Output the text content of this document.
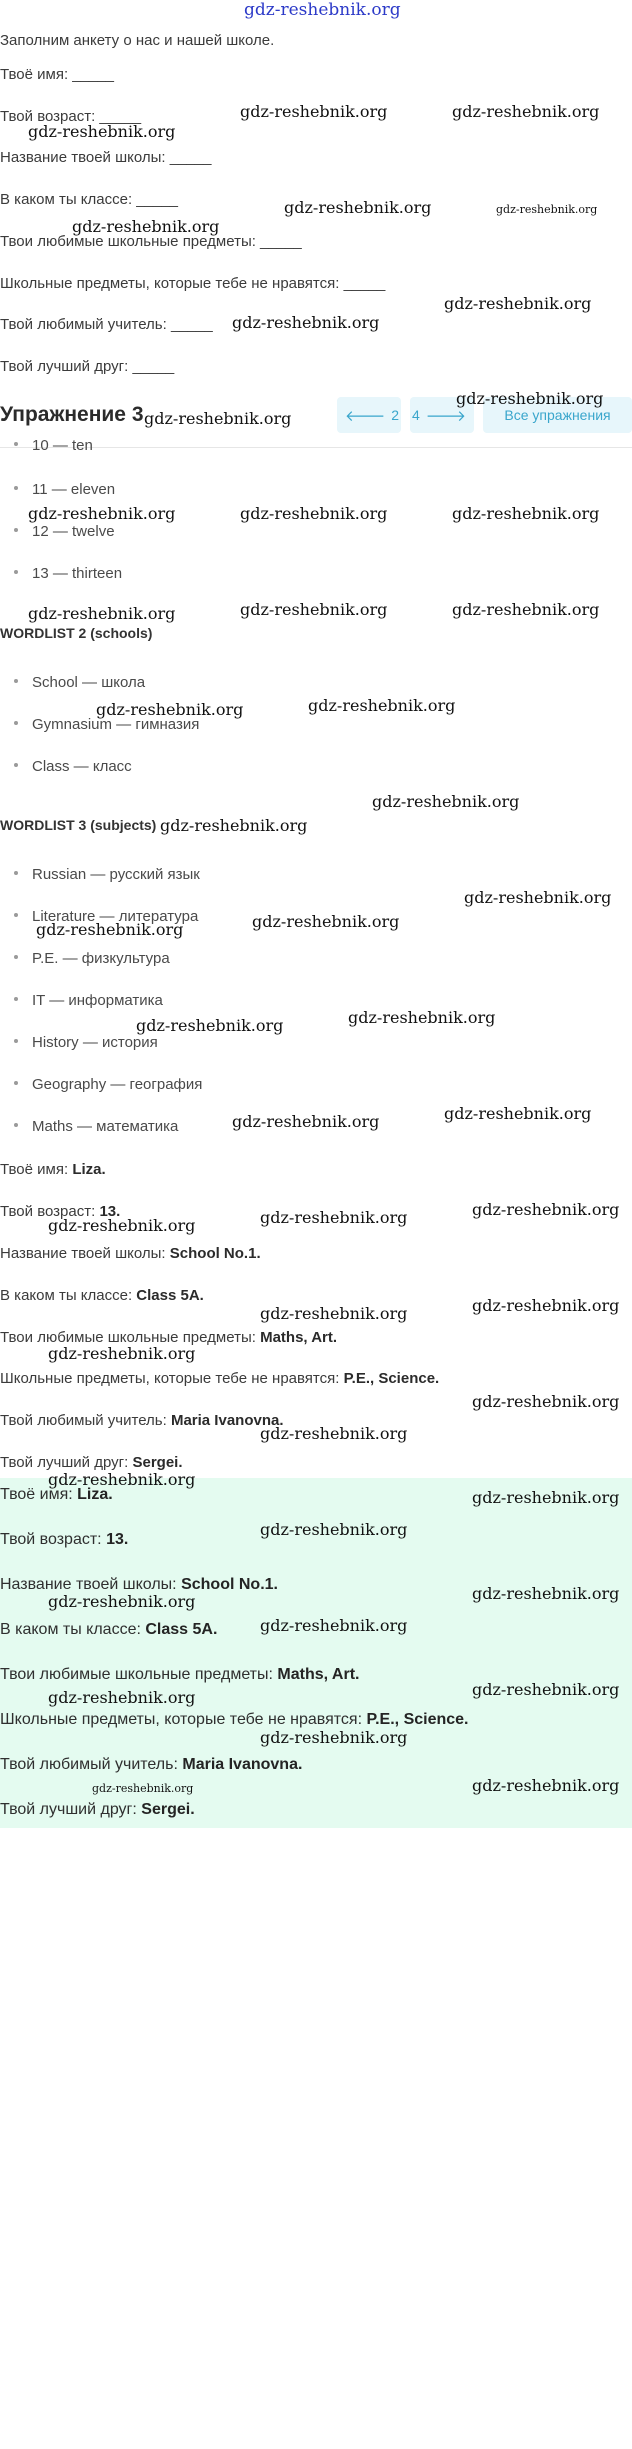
gdz-reshebnik.org
Заполним анкету о нас и нашей школе.
Твоё имя: _____
Твой возраст: _____
Название твоей школы: _____
В каком ты классе: _____
Твои любимые школьные предметы: _____
Школьные предметы, которые тебе не нравятся: _____
Твой любимый учитель: _____
Твой лучший друг: _____
Упражнение 3	🡐 2 4 🡒	Все упражнения
10 — ten
11 — eleven
12 — twelve
13 — thirteen
WORDLIST 2 (schools)
School — школа
Gymnasium — гимназия
Class — класс
WORDLIST 3 (subjects)
Russian — русский язык
Literature — литература
P.E. — физкультура
IT — информатика
History — история
Geography — география
Maths — математика
Твоё имя: Liza.
Твой возраст: 13.
Название твоей школы: School No.1.
В каком ты классе: Class 5A.
Твои любимые школьные предметы: Maths, Art.
Школьные предметы, которые тебе не нравятся: P.E., Science.
Твой любимый учитель: Maria Ivanovna.
Твой лучший друг: Sergei.
Твоё имя: Liza.
Твой возраст: 13.
Название твоей школы: School No.1.
В каком ты классе: Class 5A.
Твои любимые школьные предметы: Maths, Art.
Школьные предметы, которые тебе не нравятся: P.E., Science.
Твой любимый учитель: Maria Ivanovna.
Твой лучший друг: Sergei.
gdz-reshebnik.org	gdz-reshebnik.org
gdz-reshebnik.org
gdz-reshebnik.org	gdz-reshebnik.org
gdz-reshebnik.org
gdz-reshebnik.org
gdz-reshebnik.org
gdz-reshebnik.org
gdz-reshebnik.org
gdz-reshebnik.org	gdz-reshebnik.org	gdz-reshebnik.org
gdz-reshebnik.org	gdz-reshebnik.org	gdz-reshebnik.org
gdz-reshebnik.org	gdz-reshebnik.org
gdz-reshebnik.org
gdz-reshebnik.org
gdz-reshebnik.org
gdz-reshebnik.org
gdz-reshebnik.org
gdz-reshebnik.org
gdz-reshebnik.org
gdz-reshebnik.org
gdz-reshebnik.org
gdz-reshebnik.org
gdz-reshebnik.org
gdz-reshebnik.org
gdz-reshebnik.org
gdz-reshebnik.org
gdz-reshebnik.org
gdz-reshebnik.org
gdz-reshebnik.org
gdz-reshebnik.org
gdz-reshebnik.org
gdz-reshebnik.org
gdz-reshebnik.org
gdz-reshebnik.org
gdz-reshebnik.org
gdz-reshebnik.org
gdz-reshebnik.org
gdz-reshebnik.org
gdz-reshebnik.org
gdz-reshebnik.org
